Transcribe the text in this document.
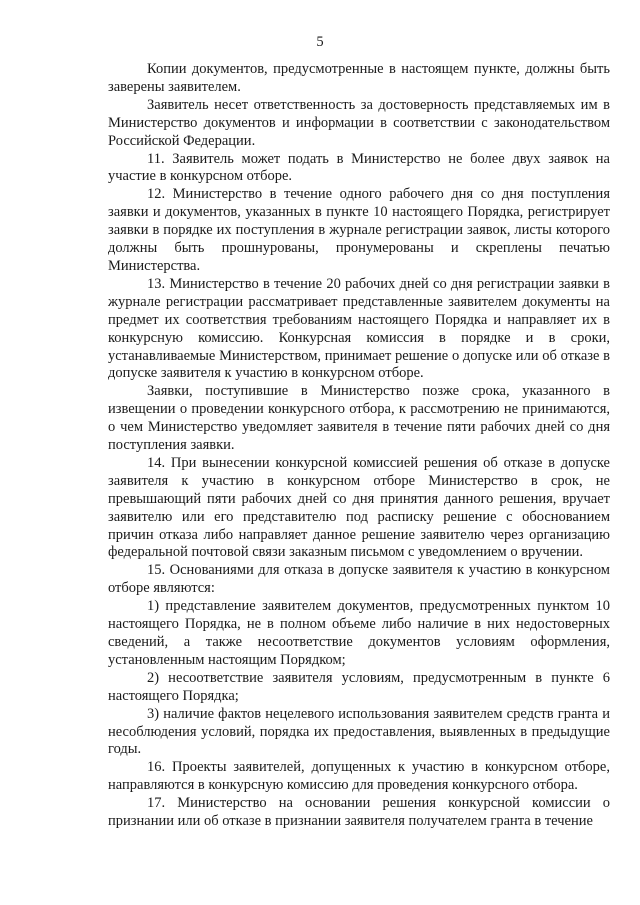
5

Копии документов, предусмотренные в настоящем пункте, должны быть заверены заявителем.

Заявитель несет ответственность за достоверность представляемых им в Министерство документов и информации в соответствии с законодательством Российской Федерации.

11. Заявитель может подать в Министерство не более двух заявок на участие в конкурсном отборе.

12. Министерство в течение одного рабочего дня со дня поступления заявки и документов, указанных в пункте 10 настоящего Порядка, регистрирует заявки в порядке их поступления в журнале регистрации заявок, листы которого должны быть прошнурованы, пронумерованы и скреплены печатью Министерства.

13. Министерство в течение 20 рабочих дней со дня регистрации заявки в журнале регистрации рассматривает представленные заявителем документы на предмет их соответствия требованиям настоящего Порядка и направляет их в конкурсную комиссию. Конкурсная комиссия в порядке и в сроки, устанавливаемые Министерством, принимает решение о допуске или об отказе в допуске заявителя к участию в конкурсном отборе.

Заявки, поступившие в Министерство позже срока, указанного в извещении о проведении конкурсного отбора, к рассмотрению не принимаются, о чем Министерство уведомляет заявителя в течение пяти рабочих дней со дня поступления заявки.

14. При вынесении конкурсной комиссией решения об отказе в допуске заявителя к участию в конкурсном отборе Министерство в срок, не превышающий пяти рабочих дней со дня принятия данного решения, вручает заявителю или его представителю под расписку решение с обоснованием причин отказа либо направляет данное решение заявителю через организацию федеральной почтовой связи заказным письмом с уведомлением о вручении.

15. Основаниями для отказа в допуске заявителя к участию в конкурсном отборе являются:

1) представление заявителем документов, предусмотренных пунктом 10 настоящего Порядка, не в полном объеме либо наличие в них недостоверных сведений, а также несоответствие документов условиям оформления, установленным настоящим Порядком;

2) несоответствие заявителя условиям, предусмотренным в пункте 6 настоящего Порядка;

3) наличие фактов нецелевого использования заявителем средств гранта и несоблюдения условий, порядка их предоставления, выявленных в предыдущие годы.

16. Проекты заявителей, допущенных к участию в конкурсном отборе, направляются в конкурсную комиссию для проведения конкурсного отбора.

17. Министерство на основании решения конкурсной комиссии о признании или об отказе в признании заявителя получателем гранта в течение
